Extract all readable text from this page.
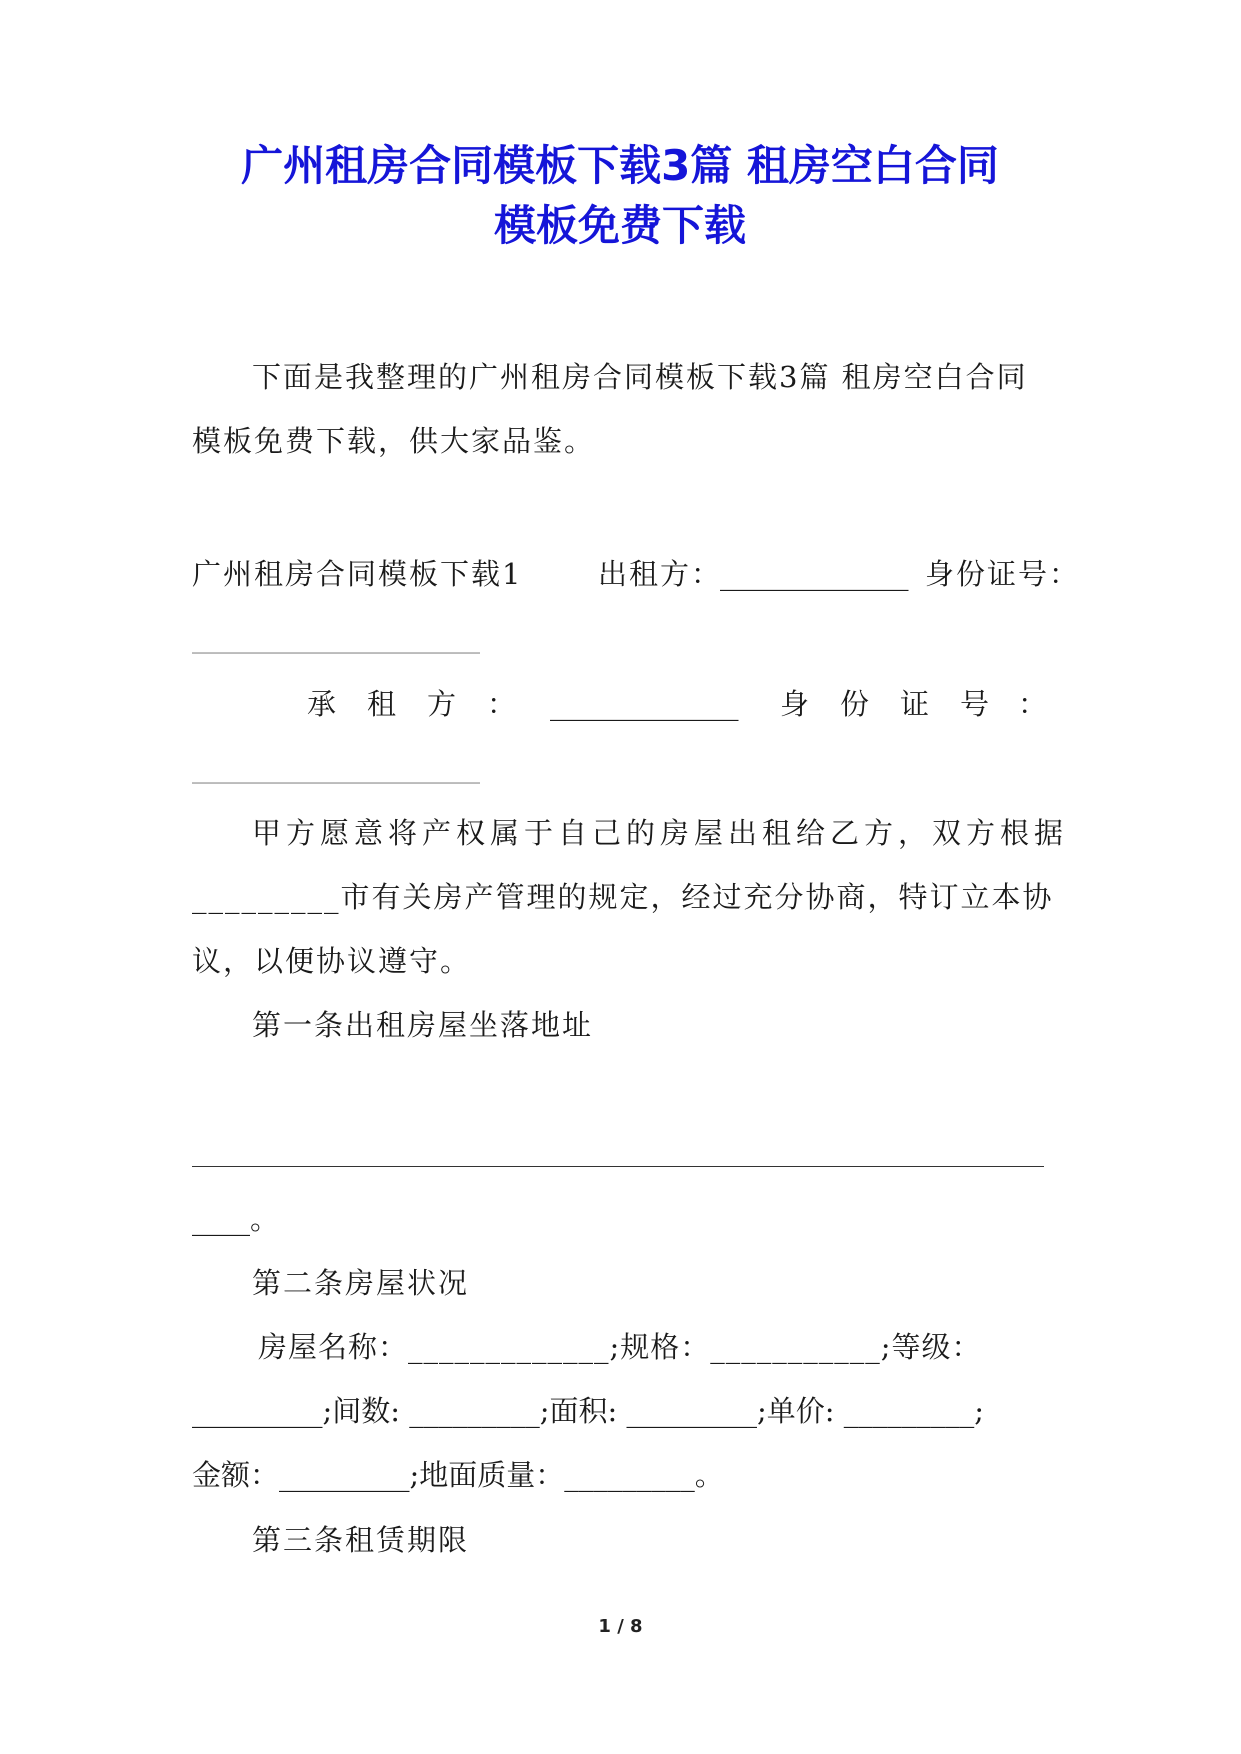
广州租房合同模板下载3篇 租房空白合同
模板免费下载
下面是我整理的广州租房合同模板下载3篇 租房空白合同
模板免费下载，供大家品鉴。
广州租房合同模板下载1	出租方：
_____________ 身份证号：
________________________
承 租 方 ： _____________ 身 份 证 号 ：
________________________
甲方愿意将产权属于自己的房屋出租给乙方，双方根据
_________市有关房产管理的规定，经过充分协商，特订立本协
议，以便协议遵守。
第一条出租房屋坐落地址
____。
第二条房屋状况
房屋名称：_____________;规格：___________;等级：
_________;间数: _________;面积: _________;单价: _________;
金额：_________;地面质量：_________。
第三条租赁期限
1 / 8
